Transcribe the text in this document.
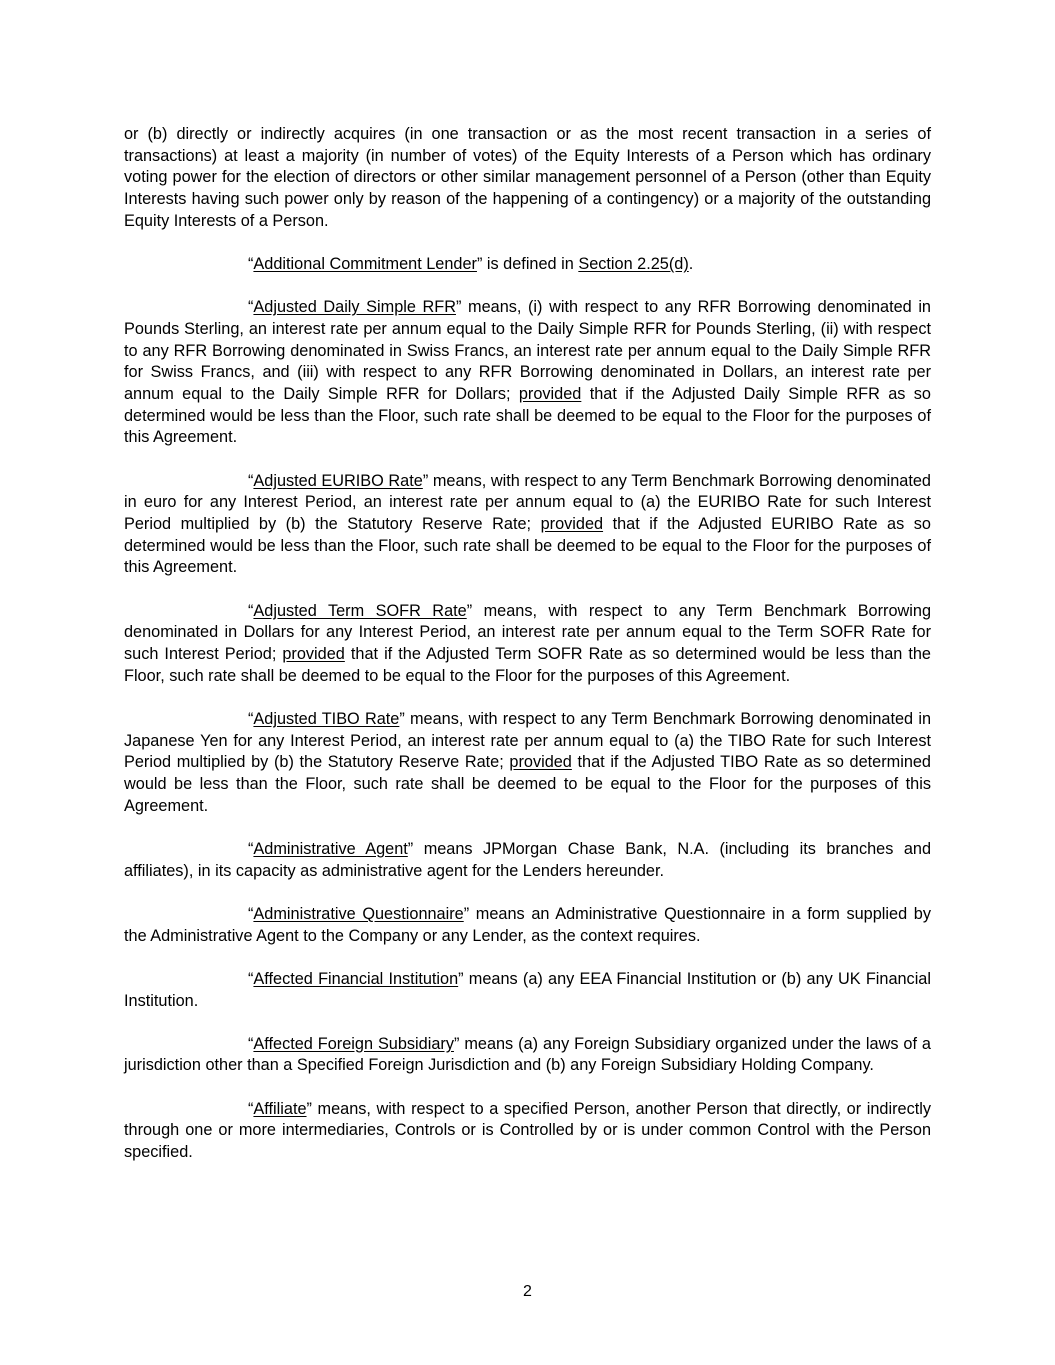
or (b) directly or indirectly acquires (in one transaction or as the most recent transaction in a series of transactions) at least a majority (in number of votes) of the Equity Interests of a Person which has ordinary voting power for the election of directors or other similar management personnel of a Person (other than Equity Interests having such power only by reason of the happening of a contingency) or a majority of the outstanding Equity Interests of a Person.

“Additional Commitment Lender” is defined in Section 2.25(d).

“Adjusted Daily Simple RFR” means, (i) with respect to any RFR Borrowing denominated in Pounds Sterling, an interest rate per annum equal to the Daily Simple RFR for Pounds Sterling, (ii) with respect to any RFR Borrowing denominated in Swiss Francs, an interest rate per annum equal to the Daily Simple RFR for Swiss Francs, and (iii) with respect to any RFR Borrowing denominated in Dollars, an interest rate per annum equal to the Daily Simple RFR for Dollars; provided that if the Adjusted Daily Simple RFR as so determined would be less than the Floor, such rate shall be deemed to be equal to the Floor for the purposes of this Agreement.

“Adjusted EURIBO Rate” means, with respect to any Term Benchmark Borrowing denominated in euro for any Interest Period, an interest rate per annum equal to (a) the EURIBO Rate for such Interest Period multiplied by (b) the Statutory Reserve Rate; provided that if the Adjusted EURIBO Rate as so determined would be less than the Floor, such rate shall be deemed to be equal to the Floor for the purposes of this Agreement.

“Adjusted Term SOFR Rate” means, with respect to any Term Benchmark Borrowing denominated in Dollars for any Interest Period, an interest rate per annum equal to the Term SOFR Rate for such Interest Period; provided that if the Adjusted Term SOFR Rate as so determined would be less than the Floor, such rate shall be deemed to be equal to the Floor for the purposes of this Agreement.

“Adjusted TIBO Rate” means, with respect to any Term Benchmark Borrowing denominated in Japanese Yen for any Interest Period, an interest rate per annum equal to (a) the TIBO Rate for such Interest Period multiplied by (b) the Statutory Reserve Rate; provided that if the Adjusted TIBO Rate as so determined would be less than the Floor, such rate shall be deemed to be equal to the Floor for the purposes of this Agreement.

“Administrative Agent” means JPMorgan Chase Bank, N.A. (including its branches and affiliates), in its capacity as administrative agent for the Lenders hereunder.

“Administrative Questionnaire” means an Administrative Questionnaire in a form supplied by the Administrative Agent to the Company or any Lender, as the context requires.

“Affected Financial Institution” means (a) any EEA Financial Institution or (b) any UK Financial Institution.

“Affected Foreign Subsidiary” means (a) any Foreign Subsidiary organized under the laws of a jurisdiction other than a Specified Foreign Jurisdiction and (b) any Foreign Subsidiary Holding Company.

“Affiliate” means, with respect to a specified Person, another Person that directly, or indirectly through one or more intermediaries, Controls or is Controlled by or is under common Control with the Person specified.

2
